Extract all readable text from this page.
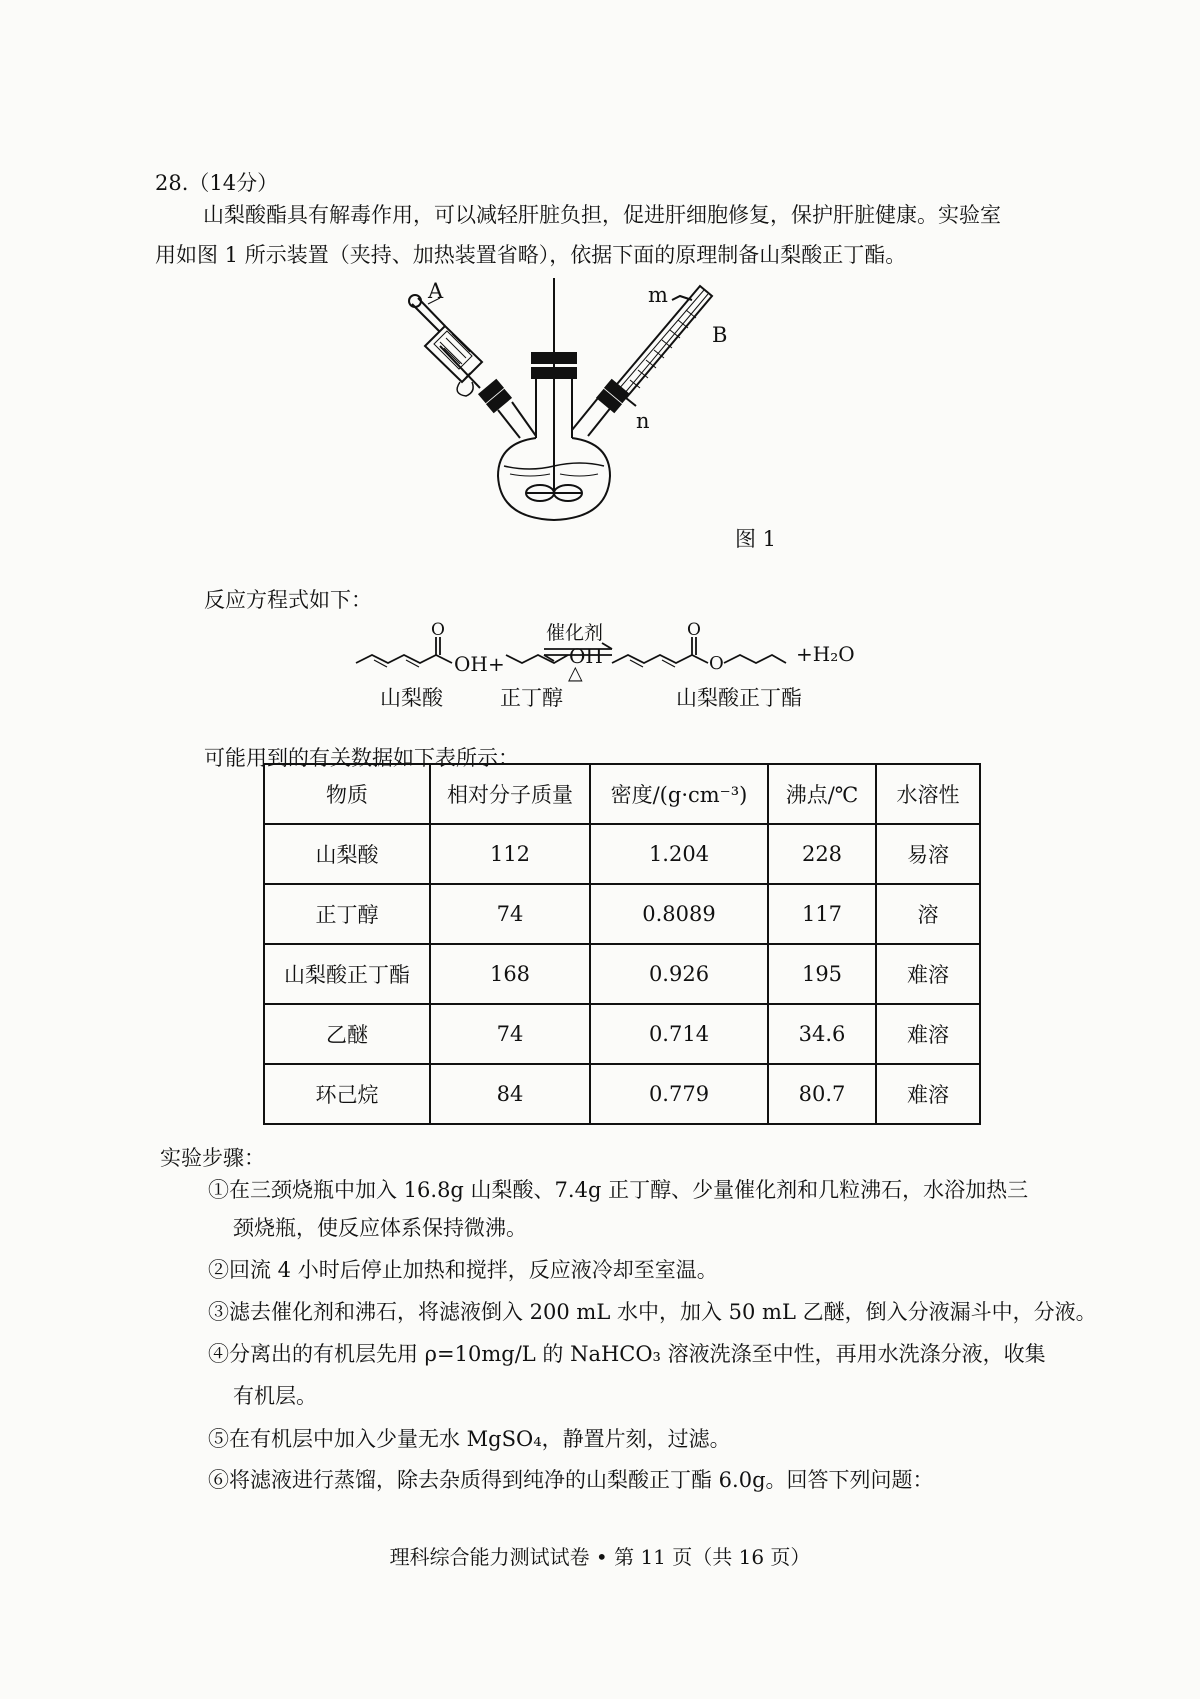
28.（14分）
山梨酸酯具有解毒作用，可以减轻肝脏负担，促进肝细胞修复，保护肝脏健康。实验室
用如图 1 所示装置（夹持、加热装置省略），依据下面的原理制备山梨酸正丁酯。
A	m
B
n
图 1
反应方程式如下：
O
OH +	OH
催化剂
△
O
O	+H₂O
山梨酸	正丁醇	山梨酸正丁酯
可能用到的有关数据如下表所示：
物质	相对分子质量	密度/(g·cm⁻³)	沸点/℃	水溶性
山梨酸	112	1.204	228	易溶
正丁醇	74	0.8089	117	溶
山梨酸正丁酯	168	0.926	195	难溶
乙醚	74	0.714	34.6	难溶
环己烷	84	0.779	80.7	难溶
实验步骤：
①在三颈烧瓶中加入 16.8g 山梨酸、7.4g 正丁醇、少量催化剂和几粒沸石，水浴加热三
颈烧瓶，使反应体系保持微沸。
②回流 4 小时后停止加热和搅拌，反应液冷却至室温。
③滤去催化剂和沸石，将滤液倒入 200 mL 水中，加入 50 mL 乙醚，倒入分液漏斗中，分液。
④分离出的有机层先用 ρ=10mg/L 的 NaHCO₃ 溶液洗涤至中性，再用水洗涤分液，收集
有机层。
⑤在有机层中加入少量无水 MgSO₄，静置片刻，过滤。
⑥将滤液进行蒸馏，除去杂质得到纯净的山梨酸正丁酯 6.0g。回答下列问题：
理科综合能力测试试卷 • 第 11 页（共 16 页）
